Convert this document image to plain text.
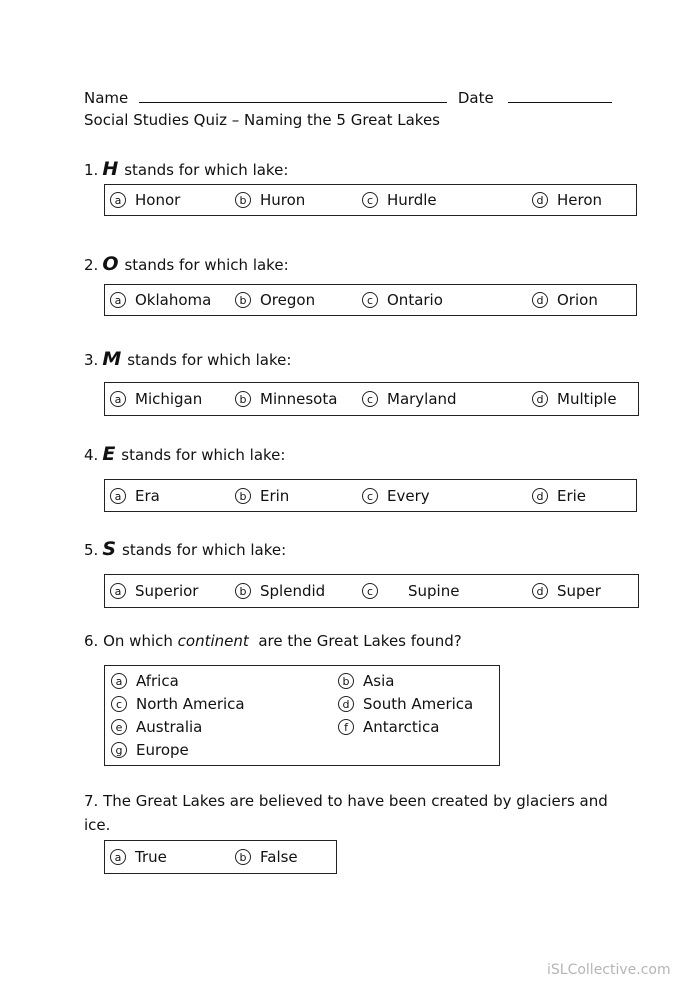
Name	Date
Social Studies Quiz – Naming the 5 Great Lakes
1. H stands for which lake:
a Honor	b Huron	c Hurdle	d Heron
2. O stands for which lake:
a Oklahoma	b Oregon	c Ontario	d Orion
3. M stands for which lake:
a Michigan	b Minnesota	c Maryland	d Multiple
4. E stands for which lake:
a Era	b Erin	c Every	d Erie
5. S stands for which lake:
a Superior	b Splendid	c	Supine	d Super
6. On which continent are the Great Lakes found?
a Africa	b Asia
c North America	d South America
e Australia	f	Antarctica
g Europe
7. The Great Lakes are believed to have been created by glaciers and
ice.
a True	b False
iSLCollective.com
